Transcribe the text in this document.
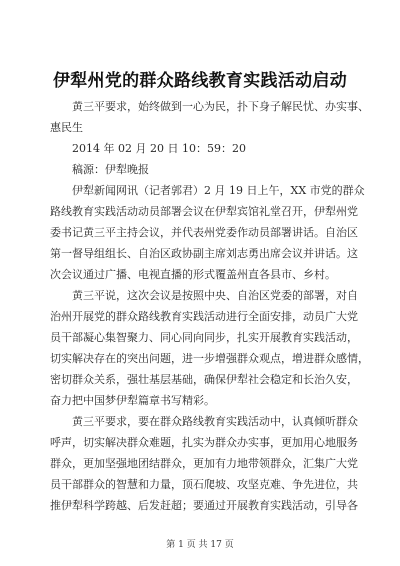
伊犁州党的群众路线教育实践活动启动
黄三平要求，始终做到一心为民，扑下身子解民忧、办实事、
惠民生
2014 年 02 月 20 日 10：59：20
稿源：伊犁晚报
伊犁新闻网讯（记者郭君）2 月 19 日上午，XX 市党的群众
路线教育实践活动动员部署会议在伊犁宾馆礼堂召开，伊犁州党
委书记黄三平主持会议，并代表州党委作动员部署讲话。自治区
第一督导组组长、自治区政协副主席刘志勇出席会议并讲话。这
次会议通过广播、电视直播的形式覆盖州直各县市、乡村。
黄三平说，这次会议是按照中央、自治区党委的部署，对自
治州开展党的群众路线教育实践活动进行全面安排，动员广大党
员干部凝心集智聚力、同心同向同步，扎实开展教育实践活动，
切实解决存在的突出问题，进一步增强群众观点，增进群众感情，
密切群众关系，强壮基层基础，确保伊犁社会稳定和长治久安，
奋力把中国梦伊犁篇章书写精彩。
黄三平要求，要在群众路线教育实践活动中，认真倾听群众
呼声，切实解决群众难题，扎实为群众办实事，更加用心地服务
群众，更加坚强地团结群众，更加有力地带领群众，汇集广大党
员干部群众的智慧和力量，顶石爬坡、攻坚克难、争先进位，共
推伊犁科学跨越、后发赶超；要通过开展教育实践活动，引导各
第 1 页 共 17 页
